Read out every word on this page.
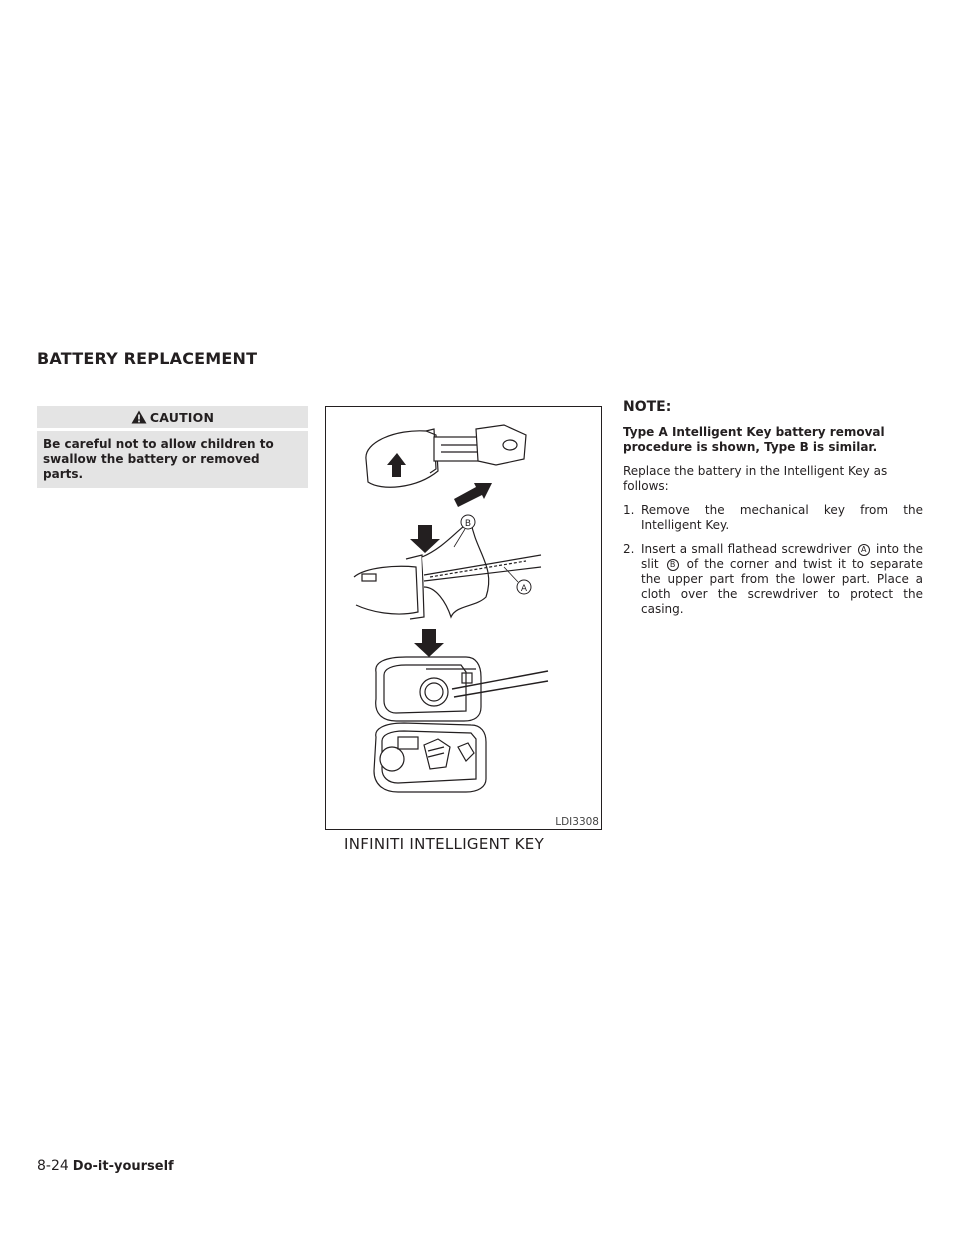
BATTERY REPLACEMENT
CAUTION
Be careful not to allow children to swallow the battery or removed parts.
B
A
LDI3308
INFINITI INTELLIGENT KEY
NOTE:
Type A Intelligent Key battery removal procedure is shown, Type B is similar.
Replace the battery in the Intelligent Key as follows:
1. Remove the mechanical key from the Intelligent Key.
2. Insert a small flathead screwdriver A into the slit B of the corner and twist it to separate the upper part from the lower part. Place a cloth over the screwdriver to protect the casing.
8-24 Do-it-yourself
